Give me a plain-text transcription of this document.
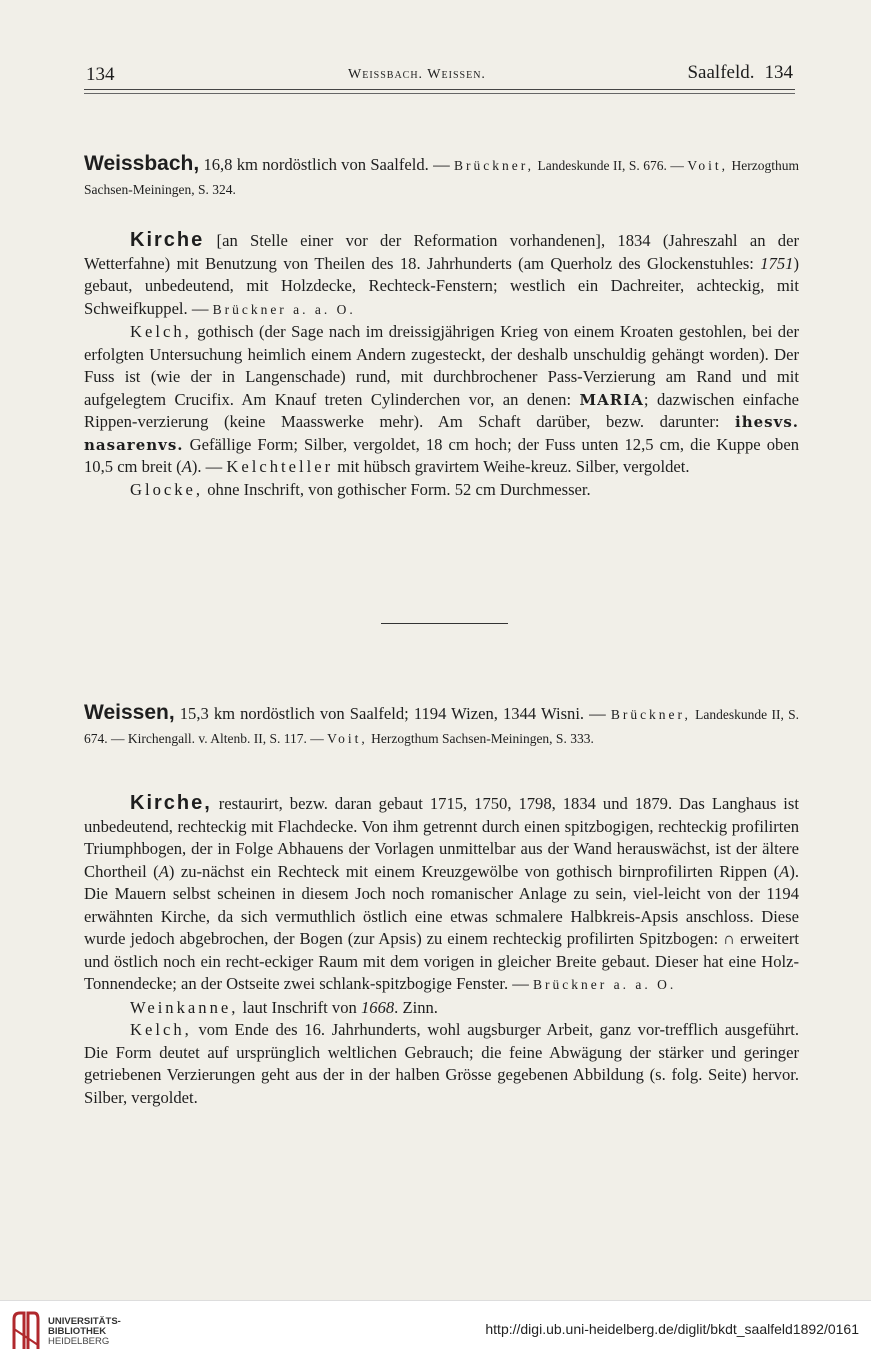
134	Weissbach. Weissen.	Saalfeld. 134

Weissbach, 16,8 km nordöstlich von Saalfeld. — Brückner, Landeskunde II, S. 676. — Voit, Herzogthum Sachsen-Meiningen, S. 324.

Kirche [an Stelle einer vor der Reformation vorhandenen], 1834 (Jahreszahl an der Wetterfahne) mit Benutzung von Theilen des 18. Jahrhunderts (am Querholz des Glockenstuhles: 1751) gebaut, unbedeutend, mit Holzdecke, Rechteck-Fenstern; westlich ein Dachreiter, achteckig, mit Schweifkuppel. — Brückner a. a. O.

Kelch, gothisch (der Sage nach im dreissigjährigen Krieg von einem Kroaten gestohlen, bei der erfolgten Untersuchung heimlich einem Andern zugesteckt, der deshalb unschuldig gehängt worden). Der Fuss ist (wie der in Langenschade) rund, mit durchbrochener Pass-Verzierung am Rand und mit aufgelegtem Crucifix. Am Knauf treten Cylinderchen vor, an denen: MARIA; dazwischen einfache Rippen-verzierung (keine Maasswerke mehr). Am Schaft darüber, bezw. darunter: ihesvs. nasarenvs. Gefällige Form; Silber, vergoldet, 18 cm hoch; der Fuss unten 12,5 cm, die Kuppe oben 10,5 cm breit (A). — Kelchteller mit hübsch gravirtem Weihe-kreuz. Silber, vergoldet.

Glocke, ohne Inschrift, von gothischer Form. 52 cm Durchmesser.

Weissen, 15,3 km nordöstlich von Saalfeld; 1194 Wizen, 1344 Wisni. — Brückner, Landeskunde II, S. 674. — Kirchengall. v. Altenb. II, S. 117. — Voit, Herzogthum Sachsen-Meiningen, S. 333.

Kirche, restaurirt, bezw. daran gebaut 1715, 1750, 1798, 1834 und 1879. Das Langhaus ist unbedeutend, rechteckig mit Flachdecke. Von ihm getrennt durch einen spitzbogigen, rechteckig profilirten Triumphbogen, der in Folge Abhauens der Vorlagen unmittelbar aus der Wand herauswächst, ist der ältere Chortheil (A) zu-nächst ein Rechteck mit einem Kreuzgewölbe von gothisch birnprofilirten Rippen (A). Die Mauern selbst scheinen in diesem Joch noch romanischer Anlage zu sein, viel-leicht von der 1194 erwähnten Kirche, da sich vermuthlich östlich eine etwas schmalere Halbkreis-Apsis anschloss. Diese wurde jedoch abgebrochen, der Bogen (zur Apsis) zu einem rechteckig profilirten Spitzbogen: ∩ erweitert und östlich noch ein recht-eckiger Raum mit dem vorigen in gleicher Breite gebaut. Dieser hat eine Holz-Tonnendecke; an der Ostseite zwei schlank-spitzbogige Fenster. — Brückner a. a. O.

Weinkanne, laut Inschrift von 1668. Zinn.

Kelch, vom Ende des 16. Jahrhunderts, wohl augsburger Arbeit, ganz vor-trefflich ausgeführt. Die Form deutet auf ursprünglich weltlichen Gebrauch; die feine Abwägung der stärker und geringer getriebenen Verzierungen geht aus der in der halben Grösse gegebenen Abbildung (s. folg. Seite) hervor. Silber, vergoldet.

UNIVERSITÄTS-
BIBLIOTHEK
HEIDELBERG
http://digi.ub.uni-heidelberg.de/diglit/bkdt_saalfeld1892/0161
